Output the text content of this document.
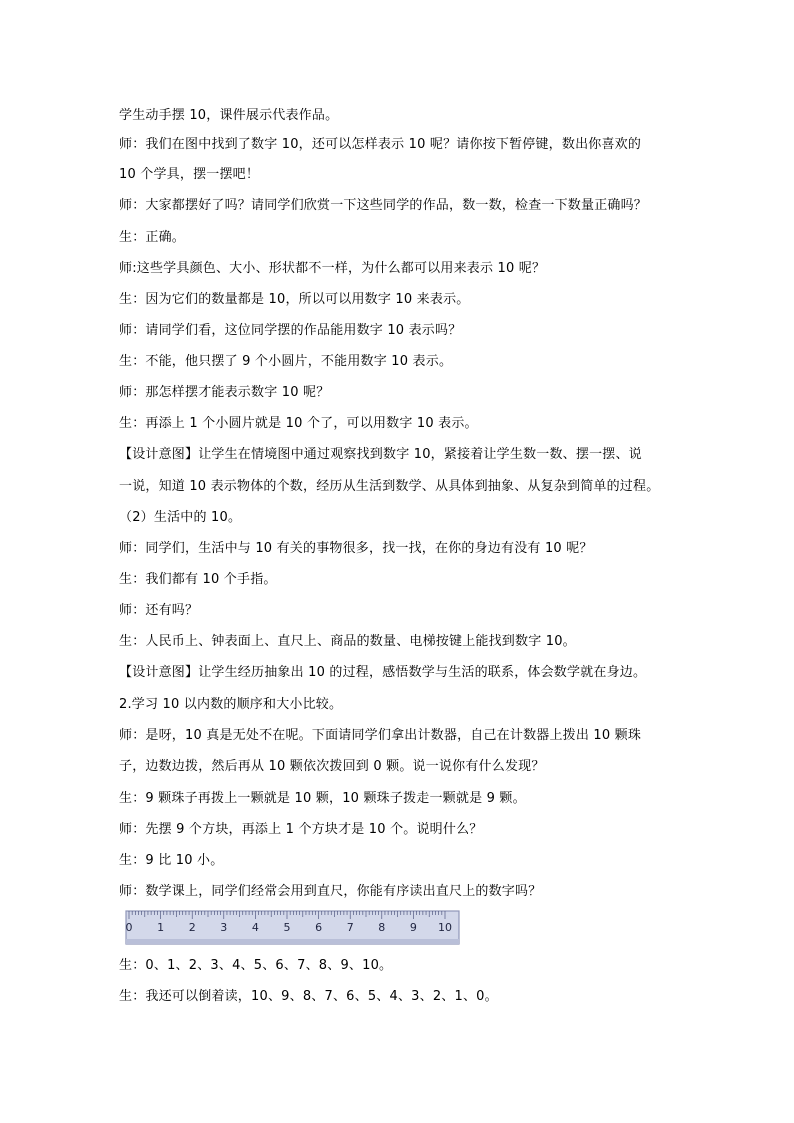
学生动手摆 10，课件展示代表作品。
师：我们在图中找到了数字 10，还可以怎样表示 10 呢？请你按下暂停键，数出你喜欢的
10 个学具，摆一摆吧！
师：大家都摆好了吗？请同学们欣赏一下这些同学的作品，数一数，检查一下数量正确吗？
生：正确。
师:这些学具颜色、大小、形状都不一样，为什么都可以用来表示 10 呢？
生：因为它们的数量都是 10，所以可以用数字 10 来表示。
师：请同学们看，这位同学摆的作品能用数字 10 表示吗？
生：不能，他只摆了 9 个小圆片，不能用数字 10 表示。
师：那怎样摆才能表示数字 10 呢？
生：再添上 1 个小圆片就是 10 个了，可以用数字 10 表示。
【设计意图】让学生在情境图中通过观察找到数字 10，紧接着让学生数一数、摆一摆、说
一说，知道 10 表示物体的个数，经历从生活到数学、从具体到抽象、从复杂到简单的过程。
（2）生活中的 10。
师：同学们，生活中与 10 有关的事物很多，找一找，在你的身边有没有 10 呢？
生：我们都有 10 个手指。
师：还有吗？
生：人民币上、钟表面上、直尺上、商品的数量、电梯按键上能找到数字 10。
【设计意图】让学生经历抽象出 10 的过程，感悟数学与生活的联系，体会数学就在身边。
2.学习 10 以内数的顺序和大小比较。
师：是呀，10 真是无处不在呢。下面请同学们拿出计数器，自己在计数器上拨出 10 颗珠
子，边数边拨，然后再从 10 颗依次拨回到 0 颗。说一说你有什么发现？
生：9 颗珠子再拨上一颗就是 10 颗，10 颗珠子拨走一颗就是 9 颗。
师：先摆 9 个方块，再添上 1 个方块才是 10 个。说明什么？
生：9 比 10 小。
师：数学课上，同学们经常会用到直尺，你能有序读出直尺上的数字吗？
0 1 2 3 4 5 6 7 8 9 10
生：0、1、2、3、4、5、6、7、8、9、10。
生：我还可以倒着读，10、9、8、7、6、5、4、3、2、1、0。
